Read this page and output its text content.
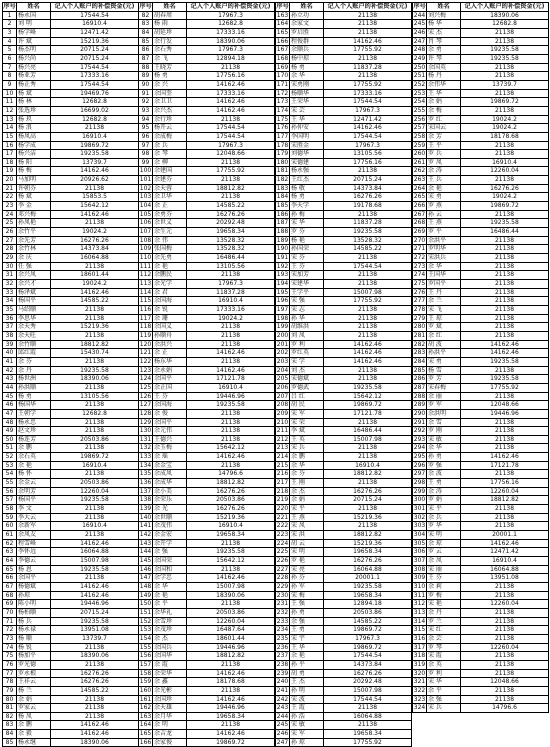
序号	姓名	记入个人账户的补偿资金(元)
1	杨永国	17544.54
2	刘 明	16910.4
3	杨学峰	12471.42
4	许 斌	15219.36
5	杨杰明	20715.24
6	杨兴尚	20715.24
7	杨兴亮	17544.54
8	杨亚芳	17333.16
9	杨正秀	17544.54
10	杨 斌	19469.76
11	杨 林	12682.8
12	张选珍	16699.02
13	杨 玖	12682.8
14	杨 浪	21138
15	杨凤高	16910.4
16	杨学成	19869.72
17	杨兴洁	19235.58
18	杨 阳	13739.7
19	杨 梅	14162.46
20	马加明	20926.62
21	许朝芬	21138
22	杨 斌	15853.5
23	李 金	15642.12
24	邓兴梅	14162.46
25	孙凤艳	21138
26	余竹平	19024.2
27	余先芳	16276.26
28	余竹林	14373.84
29	余 庆	16064.88
30	任 强	21138
31	余兴凤	18601.44
32	余兴才	19024.2
33	杨泽斌	14162.46
34	杨国平	14585.22
35	马绍顺	21138
36	李思华	21138
37	余天秀	15219.36
38	余天旺	21138
39	余竹顺	18812.82
40	邱红霞	15430.74
41	余 芬	21138
42	余 丹	19235.58
43	杨世洲	18390.06
44	孙洪顺	21138
45	杨 勇	13105.56
46	杨国华	21138
47	王朝学	12682.8
48	杨永忠	21138
49	赵文珍	21138
50	杨连芳	20503.86
51	余 鹏	21138
52	余石英	19869.72
53	余 艳	16910.4
54	杨 怀	21138
55	余金云	20503.86
56	余明芳	12260.04
57	杨国平	19235.58
58	李 文	21138
59	李大云	21138
60	余新军	16910.4
61	余凤友	21138
62	程雪峰	14162.46
63	李怀远	16064.88
64	李德云	15007.98
65	杨 恩	19235.58
66	余国平	21138
67	杨德斌	14162.46
68	孙琼	14162.46
69	陈小明	19446.96
70	杨柏顺	20715.24
71	杨 兵	19235.58
72	杨永禄	13951.08
73	杨 顺	13739.7
74	杨 锐	21138
75	杨加平	18390.06
76	罗光德	21138
77	罗永根	16276.26
78	王祥云	16276.26
79	杨 兰	14585.22
80	余 娟	21138
81	罗家云	21138
82	杨 凤	21138
83	余 鹏	14162.46
84	余 毅	14162.46
85	杨永继	18390.06
序号	姓名	记入个人账户的补偿资金(元)
82	胡春周	17967.3
83	杨 雨	12682.8
84	胡延珍	17333.16
85	余行发	18390.06
86	余石秀	17967.3
87	余 飞	12894.18
88	王晓芳	21138
89	杨 勇	17756.16
90	余 兴	14162.46
91	余国奎	17333.16
92	余卫卫	14162.46
93	余兴杰	14162.46
94	余行珍	21138
95	杨开云	17544.54
96	余成梅	17544.54
97	余 兵	17967.3
98	余 琴	12048.66
99	余 柳	21138
100	余建国	17755.92
101	余建芬	21138
102	余天蓉	18812.82
103	余卫华	21138
104	余 正	14585.22
105	余勇芬	16276.26
106	余世义	20292.48
107	余生元	19658.34
108	余 伟	13528.32
109	张国梅	13528.32
110	余先勇	16486.44
111	余 艳	13105.56
112	余鹏民	21138
113	余光学	17967.3
114	余 君	11837.28
115	余国海	16910.4
116	余 锐	17333.16
117	余 珊	19024.2
118	余国义	21138
119	孙顺舟	21138
120	余洪兴	21138
121	余 正	14162.46
122	杨东华	21138
123	余永娟	14162.46
124	余国平	17121.78
125	余正国	16910.4
126	王 芬	19446.96
127	余国海	19235.58
128	余 俊	21138
129	余国平	21138
130	余元伟	21138
131	王德兴	21138
132	余玉梅	15642.12
133	余 瑶	14162.46
134	余金宝	21138
135	余成凤	14796.6
136	余成华	18812.82
137	余小美	16276.26
138	余荣乐	20503.86
139	余 光	16276.26
140	余世顺	15219.36
141	余茂伟	16910.4
142	余金宏	19658.34
143	余开学	21138
144	余 强	19235.58
145	余国荣	15642.12
146	余国和	21138
147	余学忠	14162.46
148	余 华	15007.98
149	余 艳	18390.06
150	余 平	21138
151	余华礼	20503.86
152	余雪珍	12260.04
153	余茂珍	16487.64
154	余 杰	18601.44
155	余国兵	19446.96
156	余国华	18812.82
157	余 霞	21138
158	余荣华	14162.46
159	余 鑫	18178.68
160	余光彬	21138
161	余国珍	14162.46
162	余天雄	19446.96
163	余月华	19658.34
164	余 明	21138
165	余吉龙	14162.46
166	余家俊	19869.72
序号	姓名	记入个人账户的补偿资金(元)
163	孙立功	21138
164	余家文	21138
165	罗启胜	21138
166	程俊群	14162.46
167	余顺兵	17755.92
168	杨中琼	21138
169	杨 勇	11837.28
170	余 华	21138
171	宋勇刚	17755.92
172	杨顺华	17333.16
173	王荣华	17544.54
174	宋 芸	17967.3
175	王 华	12471.42
176	孙仲安	14162.46
177	李国明	17544.54
178	宋胜金	17967.3
179	刘德华	13105.56
180	宋德建	17756.16
181	杨永强	21138
182	王红杰	20715.24
183	杨 敬	14373.84
184	杨 勇	16276.26
185	李天学	19178.68
186	孙 梅	21138
187	宋 华	11837.28
188	罗 芬	19235.58
189	杨 艳	13528.32
190	孙国荣	14585.22
191	宋 芬	21138
192	王 芬	17544.54
193	宋加芳	21138
194	宋建华	21138
195	王学平	15007.98
196	宋 强	17755.92
197	宋 志	21138
198	孙 华	21138
199	胡维洪	21138
200	刘 凤	21138
201	罗 利	14162.46
202	罗红英	14162.46
203	宋 学	14162.46
204	刘 杰	21138
205	宋德斌	21138
206	罗德武	19235.58
207	吕 红	15642.12
208	胡 民	19869.72
209	宋 军	17121.78
210	宋 荣	21138
211	李 斌	16486.44
212	王 英	15007.98
213	宋 兵	21138
214	余 鹏	21138
215	余 华	16910.4
216	余 芬	18812.82
217	王 刚	21138
218	余 杰	16276.26
219	余 娟	20715.24
220	宋 平	21138
221	王 燕	15219.36
222	宋 凤	21138
223	宋 洪	18812.82
224	胡 云	15219.36
225	宋 明	19658.34
226	罗 艳	16276.26
227	宋 亮	16064.88
228	孙 芬	20001.1
229	孙 军	19235.58
230	宋 梅	19658.34
231	王 强	12894.18
232	孙 勇	20503.86
233	余 强	14585.22
234	王 勇	19869.72
235	宋 宇	17967.3
236	王 华	19869.72
237	余 艳	17544.54
238	孙 平	14373.84
239	胡 勇	16276.26
240	王 杰	20292.48
241	孙 明	15007.98
242	宋 波	17544.54
243	王 霞	21138
244	孙 浩	16064.88
245	宋 敏	21138
246	宋 军	19658.34
247	孙 琼	17755.92
序号	姓名	记入个人账户的补偿资金(元)
244	刘兴梅	18390.06
245	杨 华	12682.8
246	宋 杰	21138
247	肖 琴	21138
248	余 勇	19235.58
249	许 琴	19235.58
250	余国英	21138
251	杨 丹	21138
252	余伟华	13739.7
253	王 华	21138
254	余 娟	19869.72
255	余 梅	21138
256	罗 红	19024.2
257	宋国云	19024.2
258	余 芳	18178.68
259	王 平	21138
260	罗 兵	21138
261	罗 凤	16910.4
262	余 涛	12260.04
263	王 兵	21138
264	余 艳	16276.26
265	宋 勇	19024.2
266	罗 燕	19869.72
267	孙 云	21138
268	王 燕	19235.58
269	罗 平	16486.44
270	余洪平	21138
271	罗明华	21138
272	宋洪兵	21138
273	余 华	21138
274	王国华	21138
275	罗国平	21138
276	王 丹	21138
277	余 兰	21138
278	宋 飞	21138
279	王 琼	21138
280	罗 斌	21138
281	余 红	21138
282	胡 波	14162.46
283	孙洪平	14162.46
284	宋 勇	19235.58
285	杨 雪	21138
286	罗 芳	19235.58
287	宋春梅	17755.92
288	余 丽	21138
289	罗 军	12048.66
290	余洪明	19446.96
291	余 雪	21138
292	罗 刚	21138
293	宋 敏	21138
294	余 华	21138
295	孙 勇	14162.46
296	罗 强	17121.78
297	余 波	21138
298	王 勇	17756.16
299	余 涛	12260.04
300	罗 娟	18812.82
301	宋 平	21138
302	余 兵	21138
303	罗 华	21138
304	宋 明	20001.1
305	余 琼	14162.46
306	罗 云	12471.42
307	余 凤	16910.4
308	宋 丽	16064.88
309	王 芬	13951.08
310	余 莉	21138
311	罗 梅	21138
312	宋 艳	12260.04
313	余 丹	21138
314	罗 兰	21138
315	宋 红	21138
316	余 芸	21138
317	罗 琴	12260.04
318	宋 霞	21138
319	余 英	21138
320	罗 利	21138
321	宋 华	12048.66
322	余 平	21138
323	余 强	21138
324	宋 兵	14796.6
